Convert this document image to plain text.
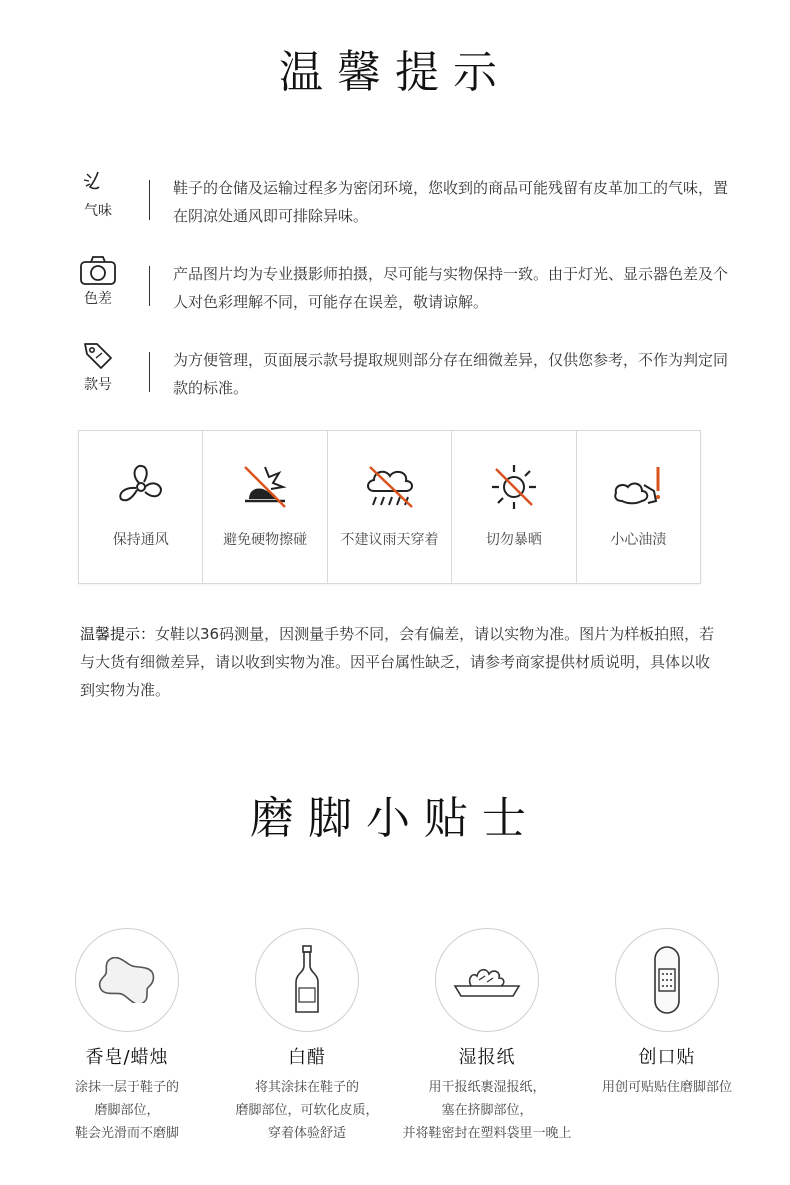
温馨提示
气味
鞋子的仓储及运输过程多为密闭环境，您收到的商品可能残留有皮革加工的气味，置在阴凉处通风即可排除异味。
色差
产品图片均为专业摄影师拍摄，尽可能与实物保持一致。由于灯光、显示器色差及个人对色彩理解不同，可能存在误差，敬请谅解。
款号
为方便管理，页面展示款号提取规则部分存在细微差异，仅供您参考，不作为判定同款的标准。
保持通风	避免硬物擦碰	不建议雨天穿着	切勿暴晒	小心油渍
温馨提示：女鞋以36码测量，因测量手势不同，会有偏差，请以实物为准。图片为样板拍照，若与大货有细微差异，请以收到实物为准。因平台属性缺乏，请参考商家提供材质说明，具体以收到实物为准。
磨脚小贴士
香皂/蜡烛
涂抹一层于鞋子的
磨脚部位，
鞋会光滑而不磨脚
白醋
将其涂抹在鞋子的
磨脚部位，可软化皮质，
穿着体验舒适
湿报纸
用干报纸裹湿报纸，
塞在挤脚部位，
并将鞋密封在塑料袋里一晚上
创口贴
用创可贴贴住磨脚部位
